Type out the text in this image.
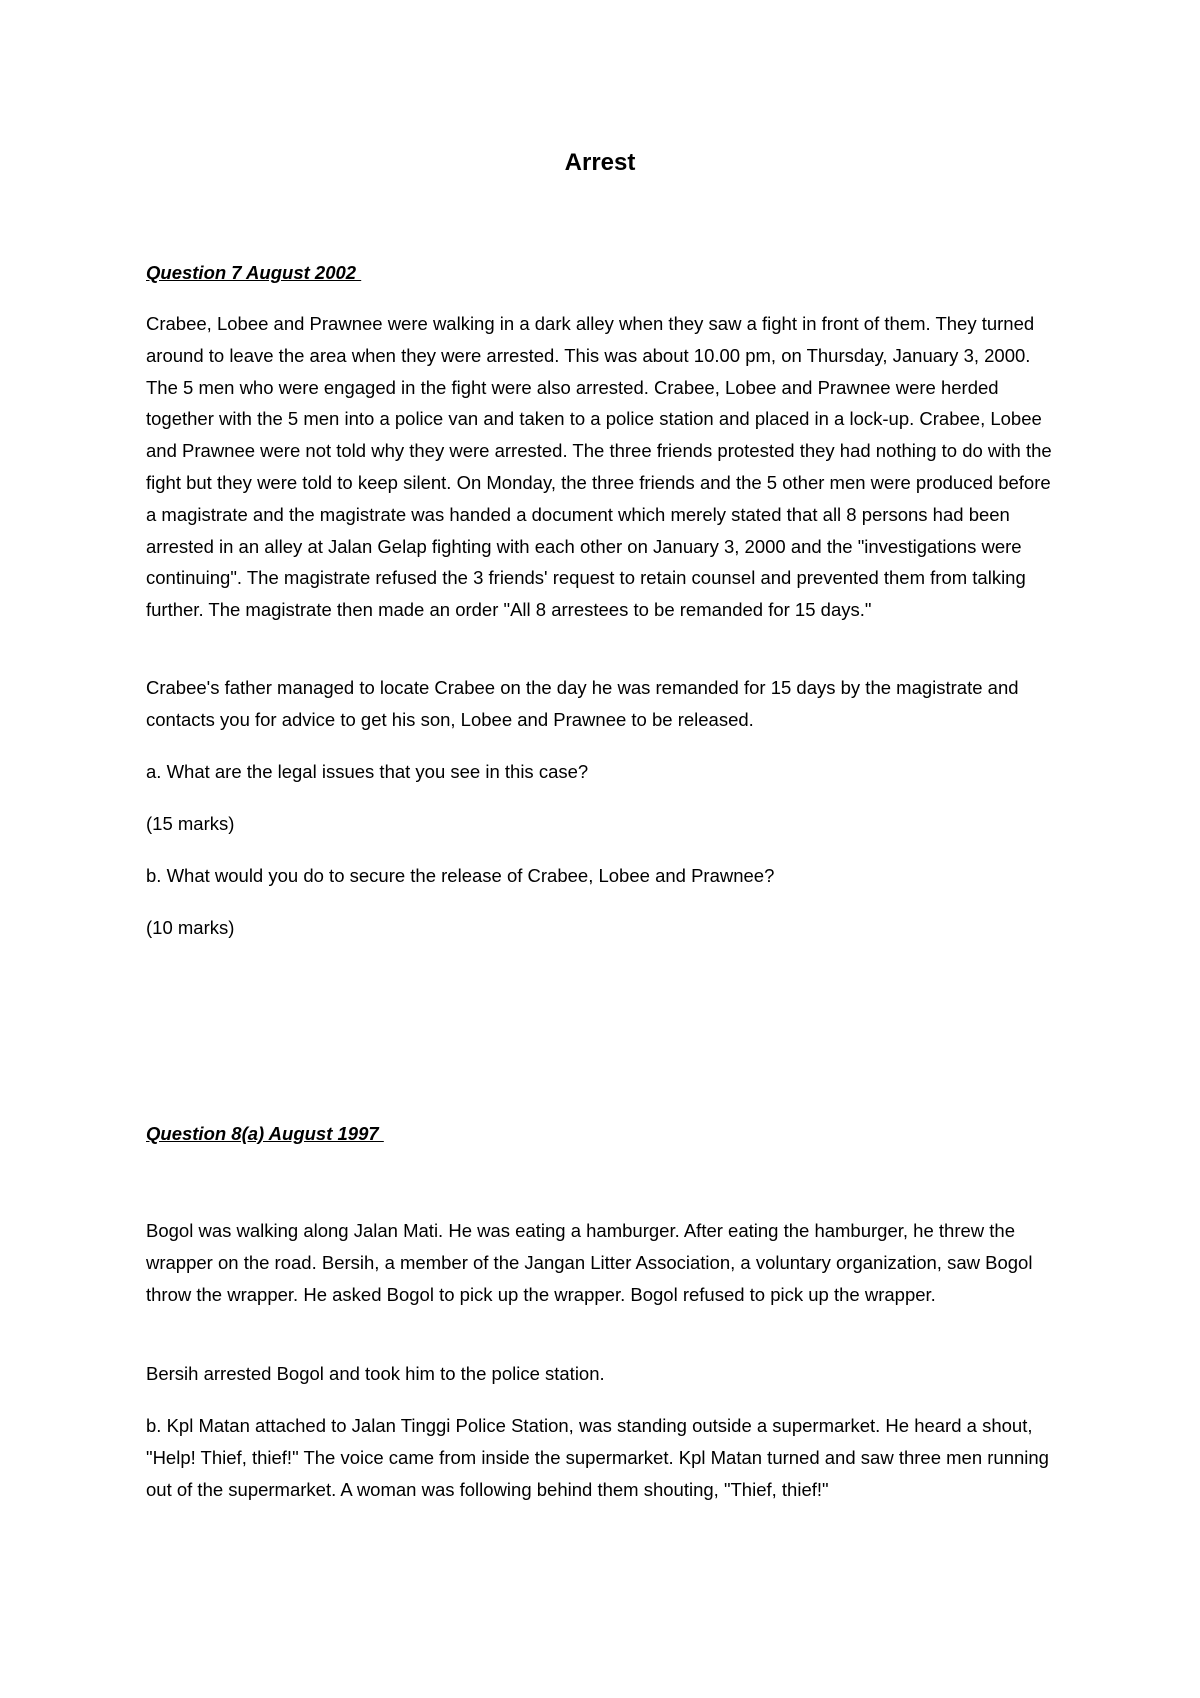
Arrest

Question 7 August 2002

Crabee, Lobee and Prawnee were walking in a dark alley when they saw a fight in front of them. They turned around to leave the area when they were arrested. This was about 10.00 pm, on Thursday, January 3, 2000. The 5 men who were engaged in the fight were also arrested. Crabee, Lobee and Prawnee were herded together with the 5 men into a police van and taken to a police station and placed in a lock-up. Crabee, Lobee and Prawnee were not told why they were arrested. The three friends protested they had nothing to do with the fight but they were told to keep silent. On Monday, the three friends and the 5 other men were produced before a magistrate and the magistrate was handed a document which merely stated that all 8 persons had been arrested in an alley at Jalan Gelap fighting with each other on January 3, 2000 and the "investigations were continuing". The magistrate refused the 3 friends' request to retain counsel and prevented them from talking further. The magistrate then made an order "All 8 arrestees to be remanded for 15 days."

Crabee's father managed to locate Crabee on the day he was remanded for 15 days by the magistrate and contacts you for advice to get his son, Lobee and Prawnee to be released.

a. What are the legal issues that you see in this case?

(15 marks)

b. What would you do to secure the release of Crabee, Lobee and Prawnee?

(10 marks)

Question 8(a) August 1997

Bogol was walking along Jalan Mati. He was eating a hamburger. After eating the hamburger, he threw the wrapper on the road. Bersih, a member of the Jangan Litter Association, a voluntary organization, saw Bogol throw the wrapper. He asked Bogol to pick up the wrapper. Bogol refused to pick up the wrapper.

Bersih arrested Bogol and took him to the police station.

b. Kpl Matan attached to Jalan Tinggi Police Station, was standing outside a supermarket. He heard a shout, "Help! Thief, thief!" The voice came from inside the supermarket. Kpl Matan turned and saw three men running out of the supermarket. A woman was following behind them shouting, "Thief, thief!"
